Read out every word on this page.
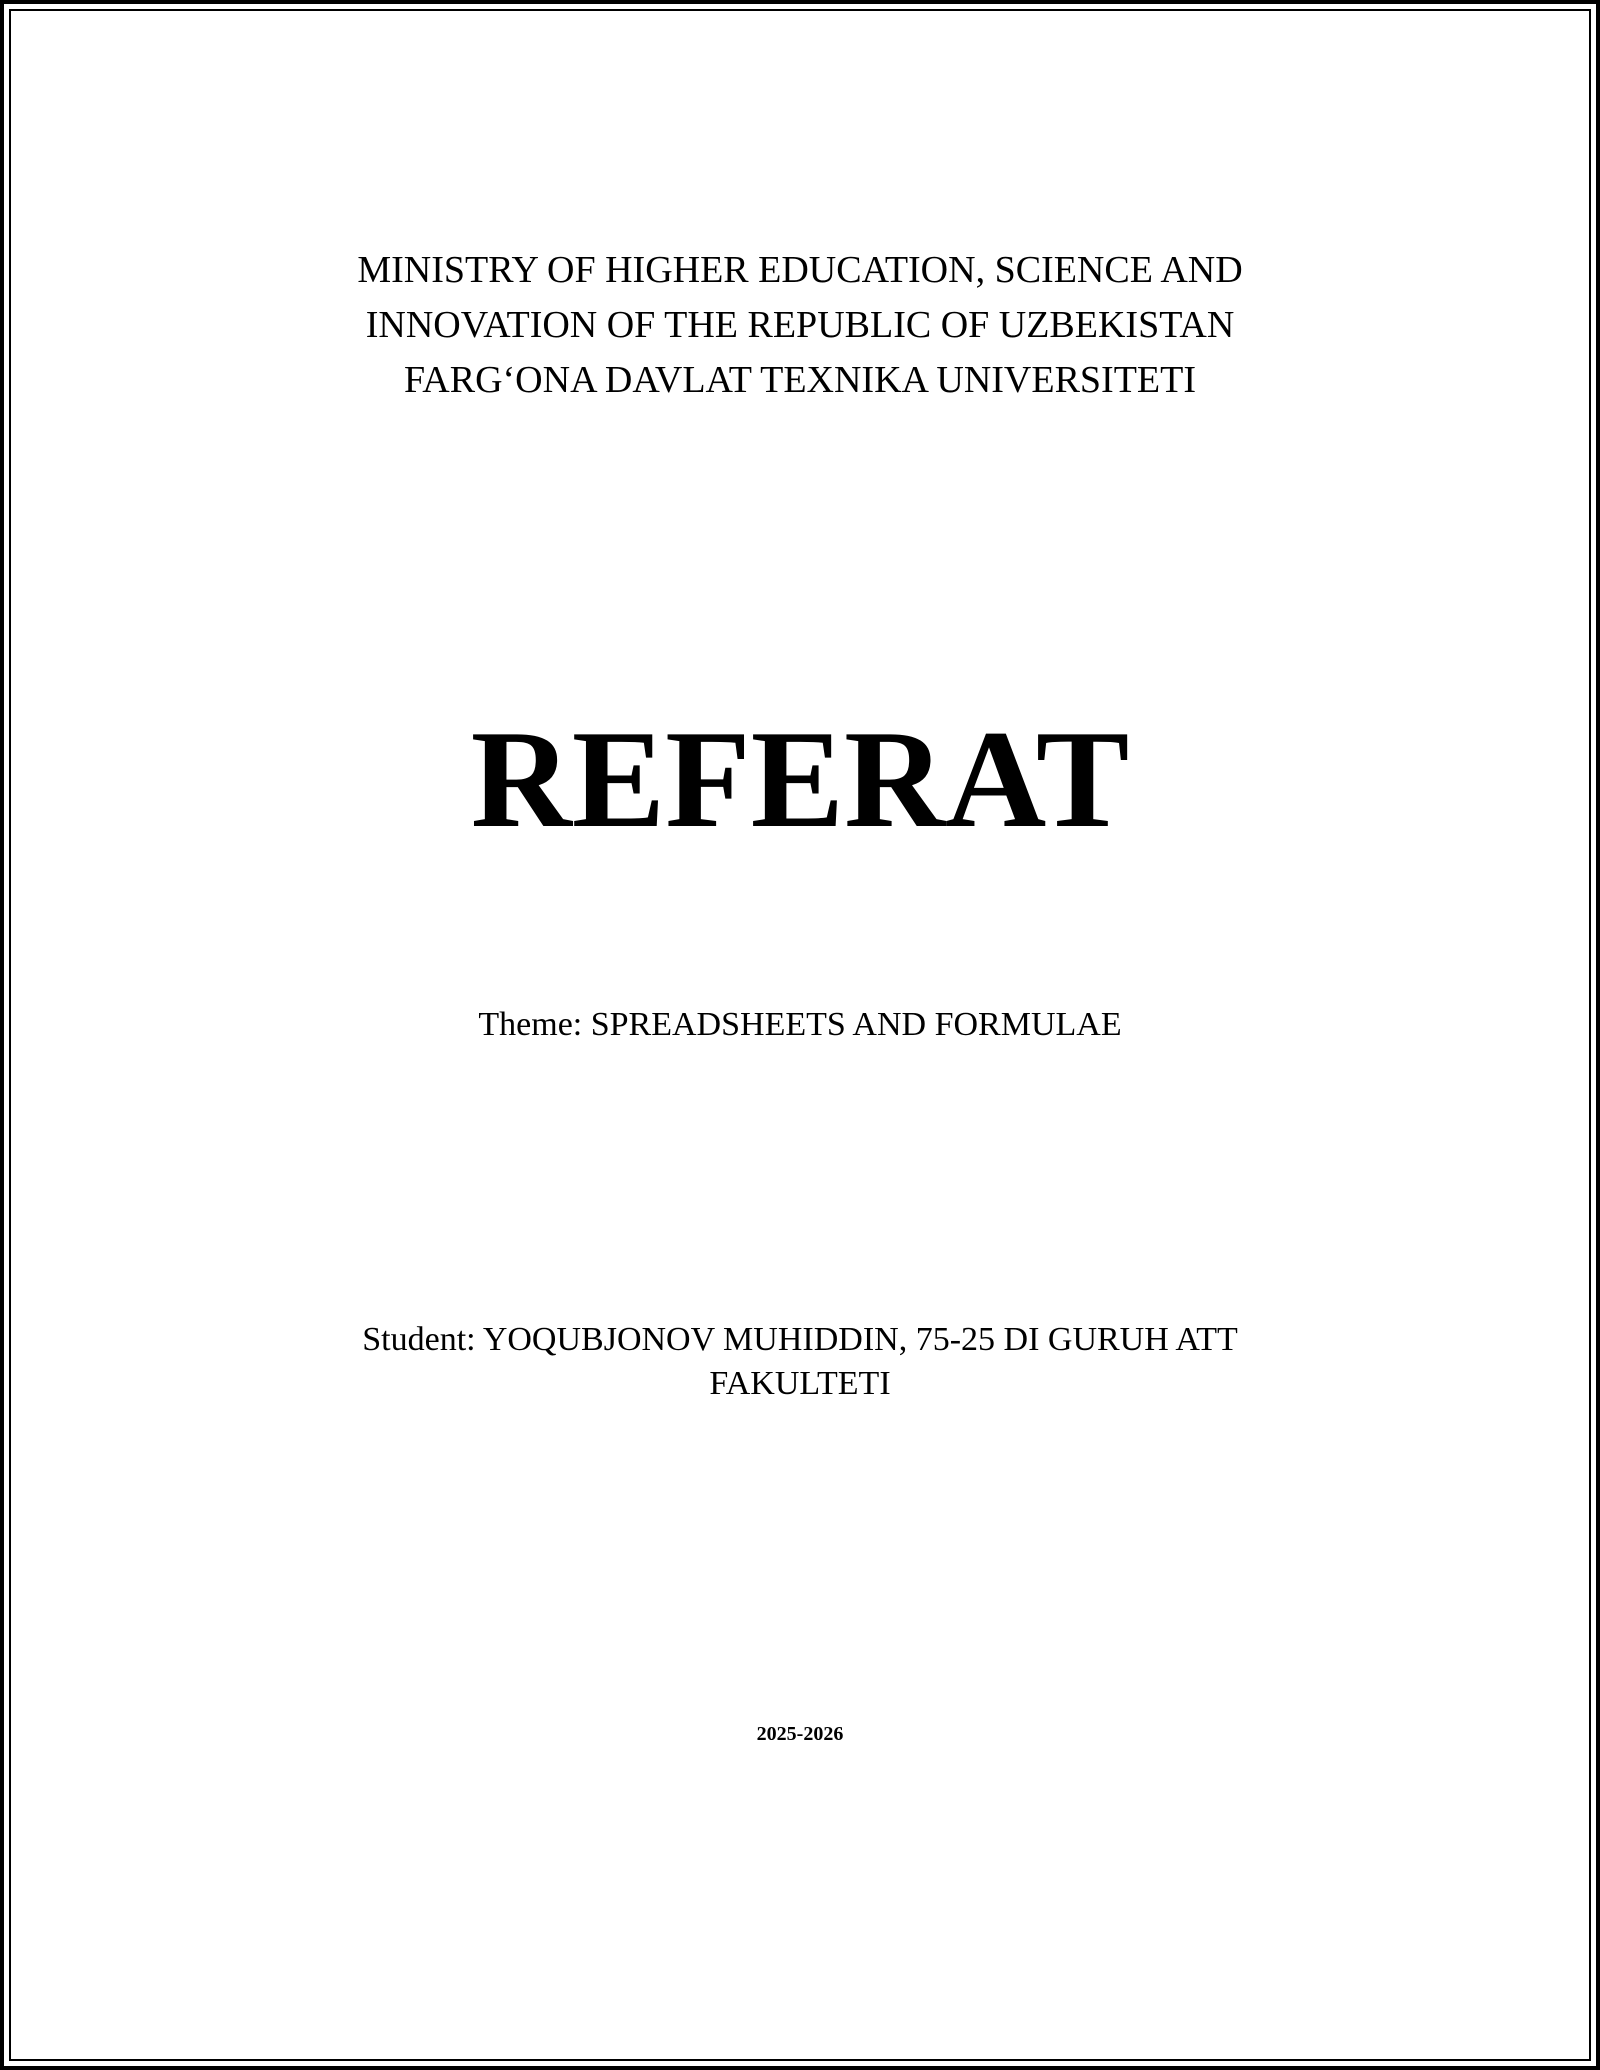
MINISTRY OF HIGHER EDUCATION, SCIENCE AND
INNOVATION OF THE REPUBLIC OF UZBEKISTAN
FARG‘ONA DAVLAT TEXNIKA UNIVERSITETI
REFERAT
Theme: SPREADSHEETS AND FORMULAE
Student: YOQUBJONOV MUHIDDIN, 75-25 DI GURUH ATT
FAKULTETI
2025-2026
